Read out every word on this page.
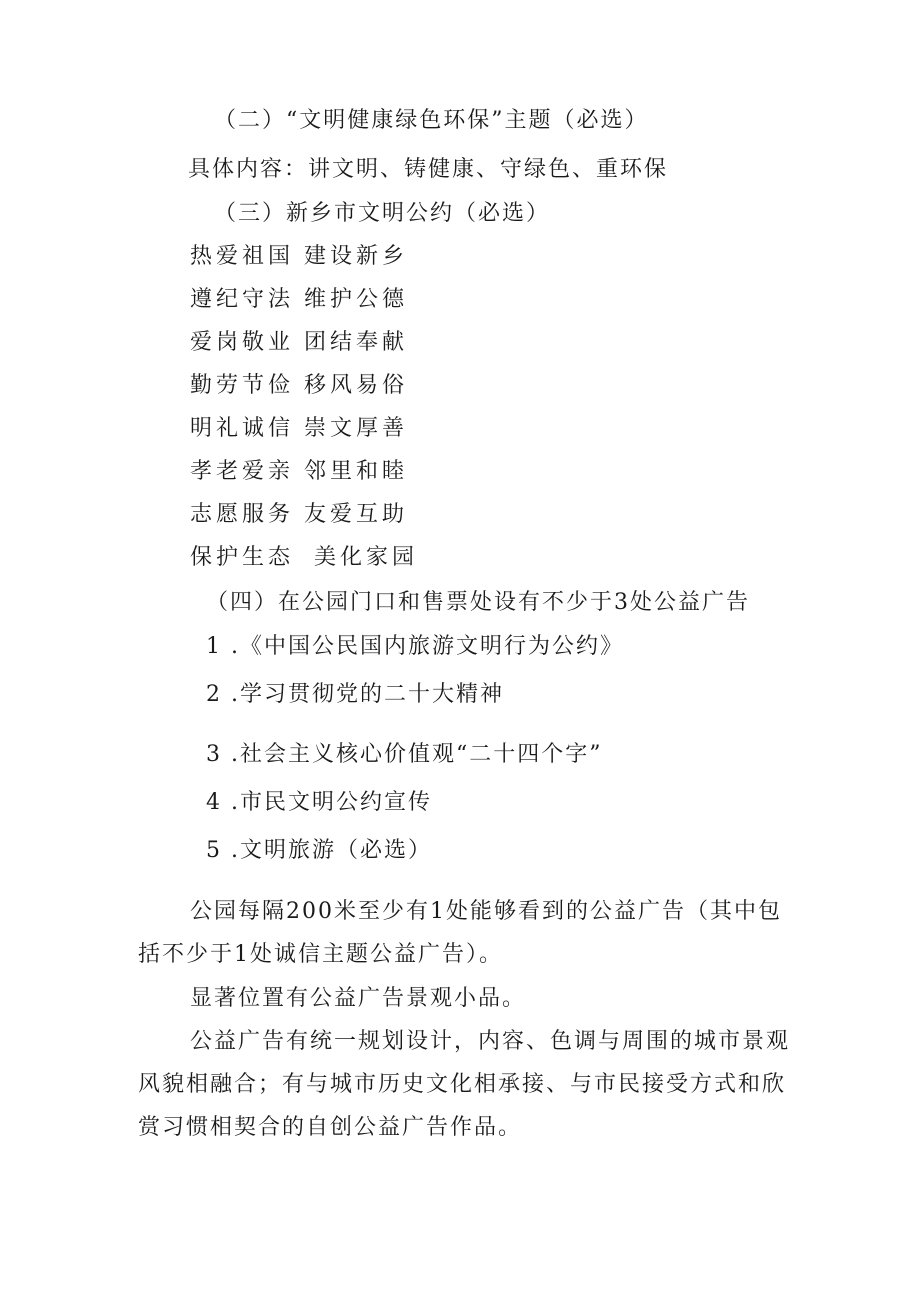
（二）“文明健康绿色环保”主题（必选）

具体内容：讲文明、铸健康、守绿色、重环保

（三）新乡市文明公约（必选）

热爱祖国 建设新乡

遵纪守法 维护公德

爱岗敬业 团结奉献

勤劳节俭 移风易俗

明礼诚信 崇文厚善

孝老爱亲 邻里和睦

志愿服务 友爱互助

保护生态 美化家园

（四）在公园门口和售票处设有不少于3处公益广告

1 .《中国公民国内旅游文明行为公约》

2 .学习贯彻党的二十大精神

3 .社会主义核心价值观“二十四个字”

4 .市民文明公约宣传

5 .文明旅游（必选）

公园每隔200米至少有1处能够看到的公益广告（其中包

括不少于1处诚信主题公益广告）。

显著位置有公益广告景观小品。

公益广告有统一规划设计，内容、色调与周围的城市景观

风貌相融合；有与城市历史文化相承接、与市民接受方式和欣

赏习惯相契合的自创公益广告作品。
